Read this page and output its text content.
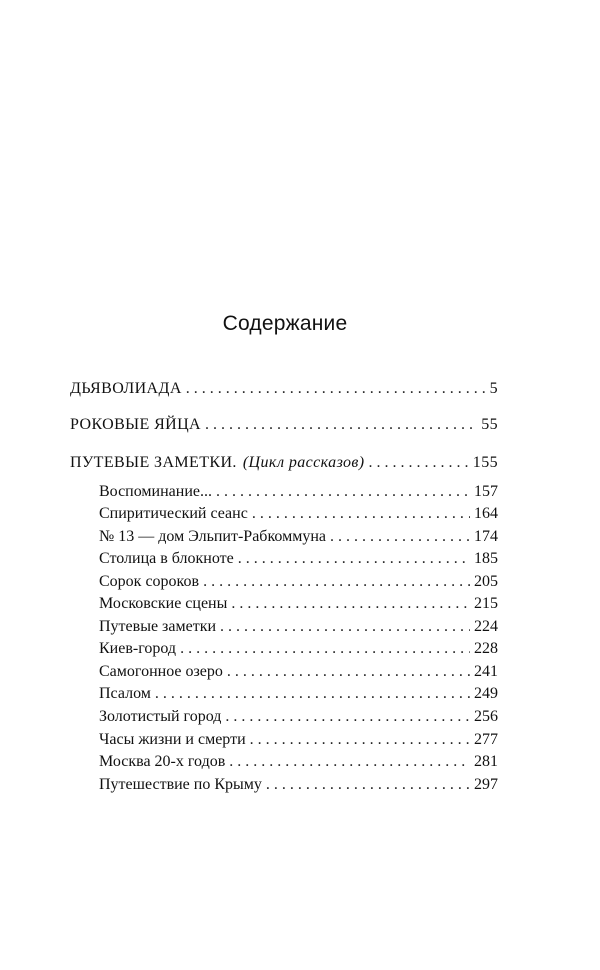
Содержание
ДЬЯВОЛИАДА . . .	5
РОКОВЫЕ ЯЙЦА . . .	55
ПУТЕВЫЕ ЗАМЕТКИ. (Цикл рассказов) . . .	155
Воспоминание... . . .	157
Спиритический сеанс . . .	164
№ 13 — дом Эльпит-Рабкоммуна . . .	174
Столица в блокноте . . .	185
Сорок сороков . . .	205
Московские сцены . . .	215
Путевые заметки . . .	224
Киев-город . . .	228
Самогонное озеро . . .	241
Псалом . . .	249
Золотистый город . . .	256
Часы жизни и смерти . . .	277
Москва 20-х годов . . .	281
Путешествие по Крыму . . .	297
